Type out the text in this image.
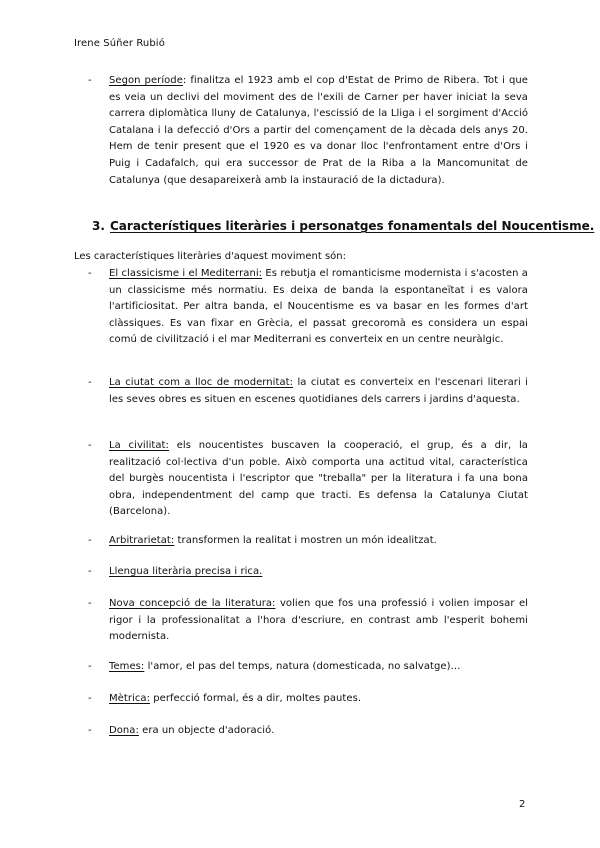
Irene Súñer Rubió
- Segon període: finalitza el 1923 amb el cop d'Estat de Primo de Ribera. Tot i que es veia un declivi del moviment des de l'exili de Carner per haver iniciat la seva carrera diplomàtica lluny de Catalunya, l'escissió de la Lliga i el sorgiment d'Acció Catalana i la defecció d'Ors a partir del començament de la dècada dels anys 20. Hem de tenir present que el 1920 es va donar lloc l'enfrontament entre d'Ors i Puig i Cadafalch, qui era successor de Prat de la Riba a la Mancomunitat de Catalunya (que desapareixerà amb la instauració de la dictadura).
3. Característiques literàries i personatges fonamentals del Noucentisme.
Les característiques literàries d'aquest moviment són:
- El classicisme i el Mediterrani: Es rebutja el romanticisme modernista i s'acosten a un classicisme més normatiu. Es deixa de banda la espontaneïtat i es valora l'artificiositat. Per altra banda, el Noucentisme es va basar en les formes d'art clàssiques. Es van fixar en Grècia, el passat grecoromà es considera un espai comú de civilització i el mar Mediterrani es converteix en un centre neuràlgic.
- La ciutat com a lloc de modernitat: la ciutat es converteix en l'escenari literari i les seves obres es situen en escenes quotidianes dels carrers i jardins d'aquesta.
- La civilitat: els noucentistes buscaven la cooperació, el grup, és a dir, la realització col·lectiva d'un poble. Això comporta una actitud vital, característica del burgès noucentista i l'escriptor que "treballa" per la literatura i fa una bona obra, independentment del camp que tracti. Es defensa la Catalunya Ciutat (Barcelona).
- Arbitrarietat: transformen la realitat i mostren un món idealitzat.
- Llengua literària precisa i rica.
- Nova concepció de la literatura: volien que fos una professió i volien imposar el rigor i la professionalitat a l'hora d'escriure, en contrast amb l'esperit bohemi modernista.
- Temes: l'amor, el pas del temps, natura (domesticada, no salvatge)…
- Mètrica: perfecció formal, és a dir, moltes pautes.
- Dona: era un objecte d'adoració.
2
